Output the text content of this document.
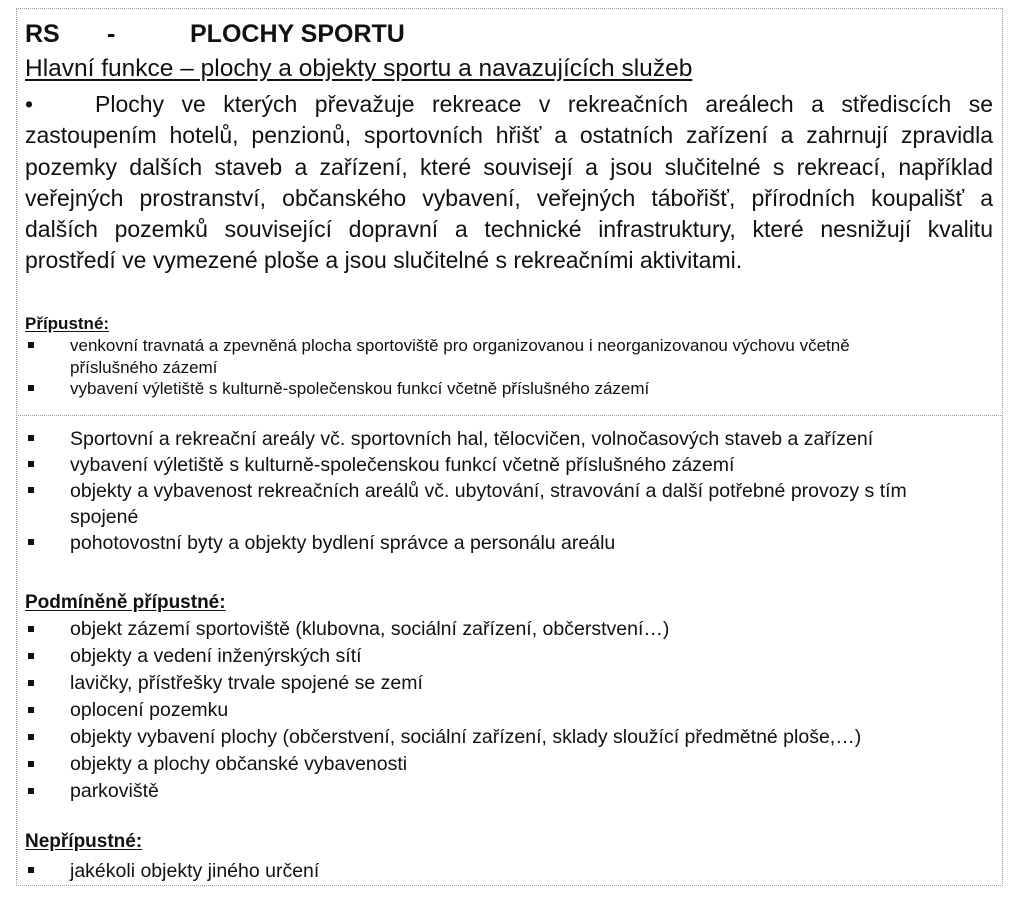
RS	-	PLOCHY SPORTU
Hlavní funkce – plochy a objekty sportu a navazujících služeb

•	Plochy ve kterých převažuje rekreace v rekreačních areálech a střediscích se zastoupením hotelů, penzionů, sportovních hřišť a ostatních zařízení a zahrnují zpravidla pozemky dalších staveb a zařízení, které souvisejí a jsou slučitelné s rekreací, například veřejných prostranství, občanského vybavení, veřejných tábořišť, přírodních koupališť a dalších pozemků související dopravní a technické infrastruktury, které nesnižují kvalitu prostředí ve vymezené ploše a jsou slučitelné s rekreačními aktivitami.

Přípustné:
venkovní travnatá a zpevněná plocha sportoviště pro organizovanou i neorganizovanou výchovu včetně příslušného zázemí
vybavení výletiště s kulturně-společenskou funkcí včetně příslušného zázemí
Sportovní a rekreační areály vč. sportovních hal, tělocvičen, volnočasových staveb a zařízení
vybavení výletiště s kulturně-společenskou funkcí včetně příslušného zázemí
objekty a vybavenost rekreačních areálů vč. ubytování, stravování a další potřebné provozy s tím spojené
pohotovostní byty a objekty bydlení správce a personálu areálu
Podmíněně přípustné:
objekt zázemí sportoviště (klubovna, sociální zařízení, občerstvení…)
objekty a vedení inženýrských sítí
lavičky, přístřešky trvale spojené se zemí
oplocení pozemku
objekty vybavení plochy (občerstvení, sociální zařízení, sklady sloužící předmětné ploše,…)
objekty a plochy občanské vybavenosti
parkoviště
Nepřípustné:
jakékoli objekty jiného určení
